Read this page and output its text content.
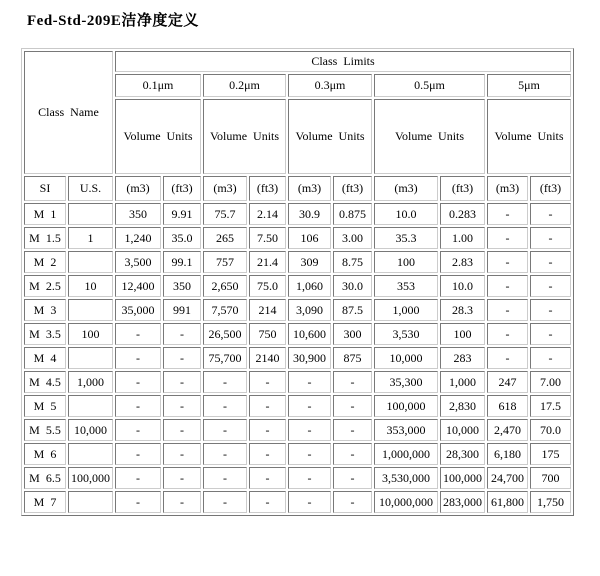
Fed-Std-209E洁净度定义
Class Name		Class Limits									
		0.1μm		0.2μm		0.3μm		0.5μm		5μm	
		Volume Units		Volume Units		Volume Units		Volume Units		Volume Units	
SI	U.S.	(m3)	(ft3)	(m3)	(ft3)	(m3)	(ft3)	(m3)	(ft3)	(m3)	(ft3)
M 1		350	9.91	75.7	2.14	30.9	0.875	10.0	0.283	-	-
M 1.5	1	1,240	35.0	265	7.50	106	3.00	35.3	1.00	-	-
M 2		3,500	99.1	757	21.4	309	8.75	100	2.83	-	-
M 2.5	10	12,400	350	2,650	75.0	1,060	30.0	353	10.0	-	-
M 3		35,000	991	7,570	214	3,090	87.5	1,000	28.3	-	-
M 3.5	100	-	-	26,500	750	10,600	300	3,530	100	-	-
M 4		-	-	75,700	2140	30,900	875	10,000	283	-	-
M 4.5	1,000	-	-	-	-	-	-	35,300	1,000	247	7.00
M 5		-	-	-	-	-	-	100,000	2,830	618	17.5
M 5.5	10,000	-	-	-	-	-	-	353,000	10,000	2,470	70.0
M 6		-	-	-	-	-	-	1,000,000	28,300	6,180	175
M 6.5	100,000	-	-	-	-	-	-	3,530,000	100,000	24,700	700
M 7		-	-	-	-	-	-	10,000,000	283,000	61,800	1,750
